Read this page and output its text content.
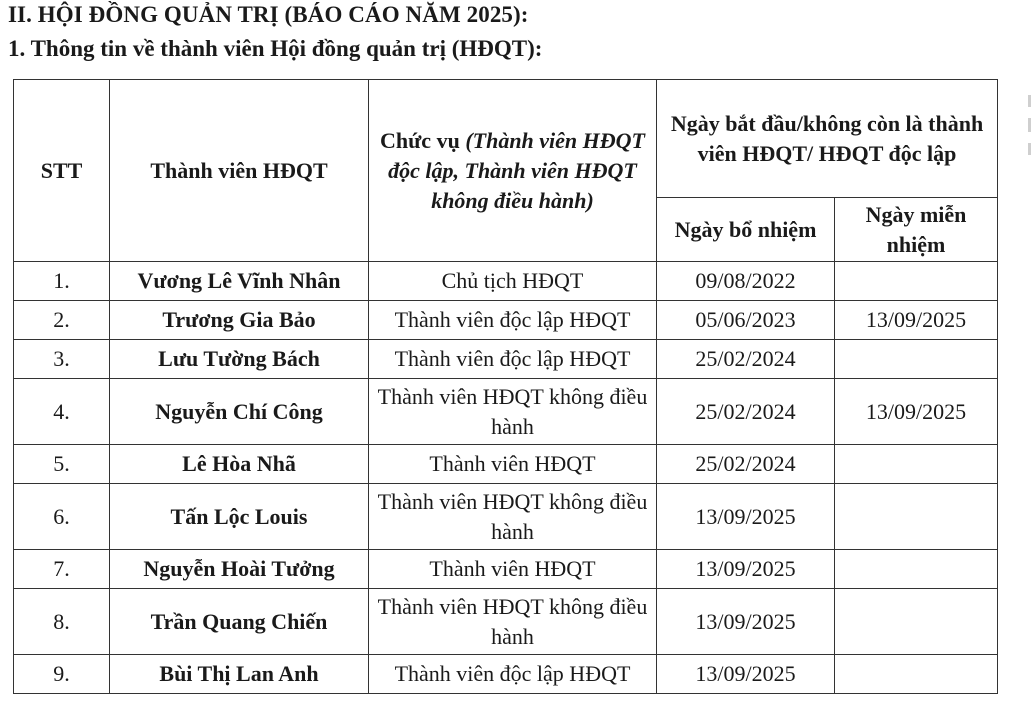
II. HỘI ĐỒNG QUẢN TRỊ (BÁO CÁO NĂM 2025):
1. Thông tin về thành viên Hội đồng quản trị (HĐQT):
STT	Thành viên HĐQT	Chức vụ (Thành viên HĐQT độc lập, Thành viên HĐQT không điều hành)	Ngày bắt đầu/không còn là thành viên HĐQT/ HĐQT độc lập	
			Ngày bổ nhiệm	Ngày miễn nhiệm
1.	Vương Lê Vĩnh Nhân	Chủ tịch HĐQT	09/08/2022	
2.	Trương Gia Bảo	Thành viên độc lập HĐQT	05/06/2023	13/09/2025
3.	Lưu Tường Bách	Thành viên độc lập HĐQT	25/02/2024	
4.	Nguyễn Chí Công	Thành viên HĐQT không điều hành	25/02/2024	13/09/2025
5.	Lê Hòa Nhã	Thành viên HĐQT	25/02/2024	
6.	Tấn Lộc Louis	Thành viên HĐQT không điều hành	13/09/2025	
7.	Nguyễn Hoài Tưởng	Thành viên HĐQT	13/09/2025	
8.	Trần Quang Chiến	Thành viên HĐQT không điều hành	13/09/2025	
9.	Bùi Thị Lan Anh	Thành viên độc lập HĐQT	13/09/2025	
